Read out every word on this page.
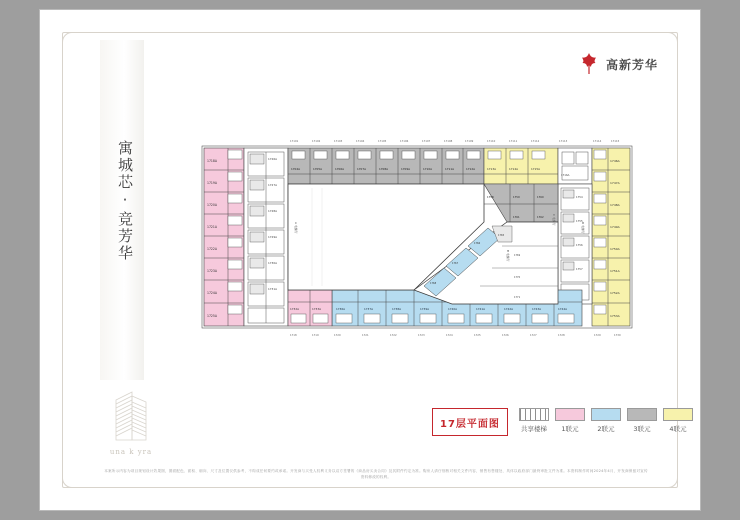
高新芳华
寓城芯·竞芳华
una k yra
1718A
1719A
1720A
1721A
1722A
1723A
1724A
1725A
1726A
1727A
1728A
1729A
1730A
1731A
1704A	1705A	1706A	1707A	1708A	1709A	1710A	1711A	1712A	1713A	1714A	1715A
1716A
1746A
1747A
1748A
1749A
1750A
1751A
1752A
1753A
1754
1755
1756
1757
1736A	1737A	1738A	1739A	1740A	1741A	1742A	1743A	1744A
1732A	1733A
1758	1759	1760
1761	1762
1768
1767
1766
1765
1769
1770
1771
A 电梯厅
B 电梯厅
C 电梯厅
D 电梯厅
17101	17102	17103	17104	17105	17106	17107	17108	17109	17110	17111	17112	17113	17114	17115
1718	1719	1720	1721	1722	1723	1724	1725	1726	1727	1728	1729	1730
17层平面图	共享楼梯 1联元	2联元	3联元	4联元
本案所示内容为项目规划设计效果图，图面配色、面积、朝向、尺寸及位置仅供参考，不构成任何要约或承诺。开发商与买受人权利义务以双方签署的《商品房买卖合同》及其附件约定为准。购房人请仔细核对相关文件内容，销售有售楼处、具体以政府部门最终审批文件为准。本资料制作时间2024年4月，开发商保留对宣传资料修改的权利。
